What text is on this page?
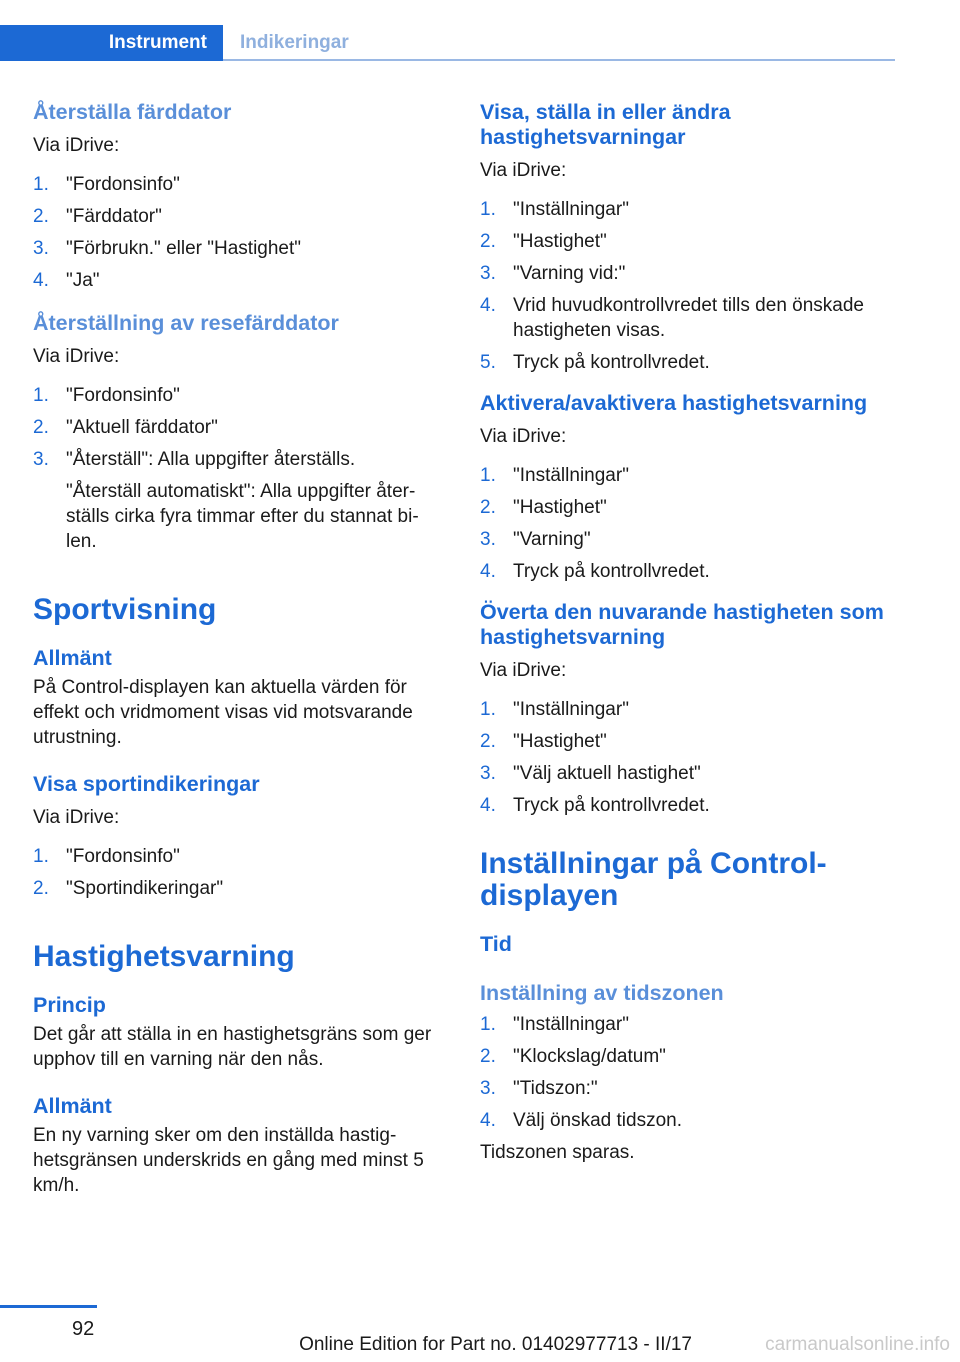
Instrument	Indikeringar
Återställa färddator

Via iDrive:

1. "Fordonsinfo"
2. "Färddator"
3. "Förbrukn." eller "Hastighet"
4. "Ja"
Återställning av resefärddator

Via iDrive:

1. "Fordonsinfo"
2. "Aktuell färddator"
3. "Återställ": Alla uppgifter återställs.
"Återställ automatiskt": Alla uppgifter åter‐ ställs cirka fyra timmar efter du stannat bi‐ len.
Sportvisning
Allmänt

På Control-displayen kan aktuella värden för effekt och vridmoment visas vid motsvarande utrustning.

Visa sportindikeringar

Via iDrive:

1. "Fordonsinfo"
2. "Sportindikeringar"
Hastighetsvarning
Princip

Det går att ställa in en hastighetsgräns som ger upphov till en varning när den nås.

Allmänt

En ny varning sker om den inställda hastig‐ hetsgränsen underskrids en gång med minst 5 km/h.

Visa, ställa in eller ändra hastighetsvarningar

Via iDrive:

1. "Inställningar"
2. "Hastighet"
3. "Varning vid:"
4. Vrid huvudkontrollvredet tills den önskade hastigheten visas.
5. Tryck på kontrollvredet.
Aktivera/avaktivera hastighetsvarning

Via iDrive:

1. "Inställningar"
2. "Hastighet"
3. "Varning"
4. Tryck på kontrollvredet.
Överta den nuvarande hastigheten som hastighetsvarning

Via iDrive:

1. "Inställningar"
2. "Hastighet"
3. "Välj aktuell hastighet"
4. Tryck på kontrollvredet.
Inställningar på Control- displayen
Tid
Inställning av tidszonen
1. "Inställningar"
2. "Klockslag/datum"
3. "Tidszon:"
4. Välj önskad tidszon.

Tidszonen sparas.

92
Online Edition for Part no. 01402977713 - II/17	carmanualsonline.info
